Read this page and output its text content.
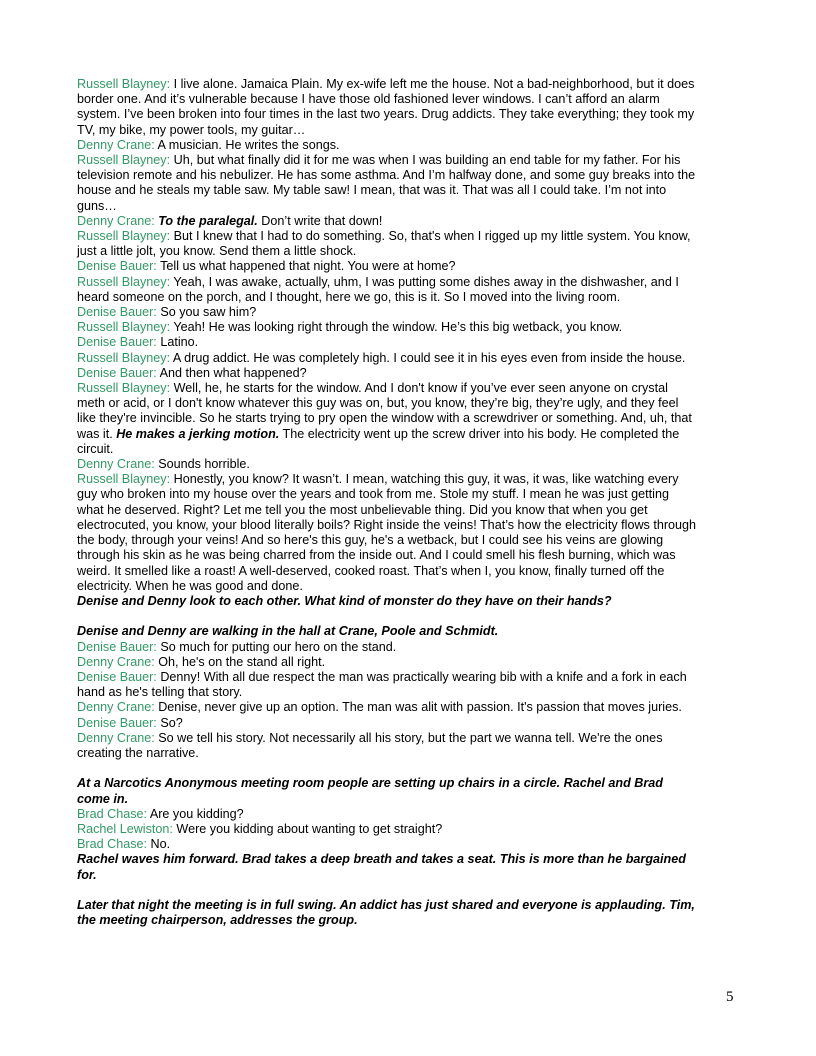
Russell Blayney: I live alone. Jamaica Plain. My ex-wife left me the house. Not a bad-neighborhood, but it does border one. And it’s vulnerable because I have those old fashioned lever windows. I can’t afford an alarm system. I’ve been broken into four times in the last two years. Drug addicts. They take everything; they took my TV, my bike, my power tools, my guitar…

Denny Crane: A musician. He writes the songs.

Russell Blayney: Uh, but what finally did it for me was when I was building an end table for my father. For his television remote and his nebulizer. He has some asthma. And I’m halfway done, and some guy breaks into the house and he steals my table saw. My table saw! I mean, that was it. That was all I could take. I’m not into guns…

Denny Crane: To the paralegal. Don’t write that down!

Russell Blayney: But I knew that I had to do something. So, that's when I rigged up my little system. You know, just a little jolt, you know. Send them a little shock.

Denise Bauer: Tell us what happened that night. You were at home?

Russell Blayney: Yeah, I was awake, actually, uhm, I was putting some dishes away in the dishwasher, and I heard someone on the porch, and I thought, here we go, this is it. So I moved into the living room.

Denise Bauer: So you saw him?

Russell Blayney: Yeah! He was looking right through the window. He’s this big wetback, you know.

Denise Bauer: Latino.

Russell Blayney: A drug addict. He was completely high. I could see it in his eyes even from inside the house.

Denise Bauer: And then what happened?

Russell Blayney: Well, he, he starts for the window. And I don't know if you’ve ever seen anyone on crystal meth or acid, or I don't know whatever this guy was on, but, you know, they’re big, they’re ugly, and they feel like they're invincible. So he starts trying to pry open the window with a screwdriver or something. And, uh, that was it. He makes a jerking motion. The electricity went up the screw driver into his body. He completed the circuit.

Denny Crane: Sounds horrible.

Russell Blayney: Honestly, you know? It wasn’t. I mean, watching this guy, it was, it was, like watching every guy who broken into my house over the years and took from me. Stole my stuff. I mean he was just getting what he deserved. Right? Let me tell you the most unbelievable thing. Did you know that when you get electrocuted, you know, your blood literally boils? Right inside the veins! That’s how the electricity flows through the body, through your veins! And so here's this guy, he's a wetback, but I could see his veins are glowing through his skin as he was being charred from the inside out. And I could smell his flesh burning, which was weird. It smelled like a roast! A well-deserved, cooked roast. That’s when I, you know, finally turned off the electricity. When he was good and done.

Denise and Denny look to each other. What kind of monster do they have on their hands?

Denise and Denny are walking in the hall at Crane, Poole and Schmidt.

Denise Bauer: So much for putting our hero on the stand.

Denny Crane: Oh, he's on the stand all right.

Denise Bauer: Denny! With all due respect the man was practically wearing bib with a knife and a fork in each hand as he's telling that story.

Denny Crane: Denise, never give up an option. The man was alit with passion. It's passion that moves juries.

Denise Bauer: So?

Denny Crane: So we tell his story. Not necessarily all his story, but the part we wanna tell. We're the ones creating the narrative.

At a Narcotics Anonymous meeting room people are setting up chairs in a circle. Rachel and Brad come in.

Brad Chase: Are you kidding?

Rachel Lewiston: Were you kidding about wanting to get straight?

Brad Chase: No.

Rachel waves him forward. Brad takes a deep breath and takes a seat. This is more than he bargained for.

Later that night the meeting is in full swing. An addict has just shared and everyone is applauding. Tim, the meeting chairperson, addresses the group.

5
